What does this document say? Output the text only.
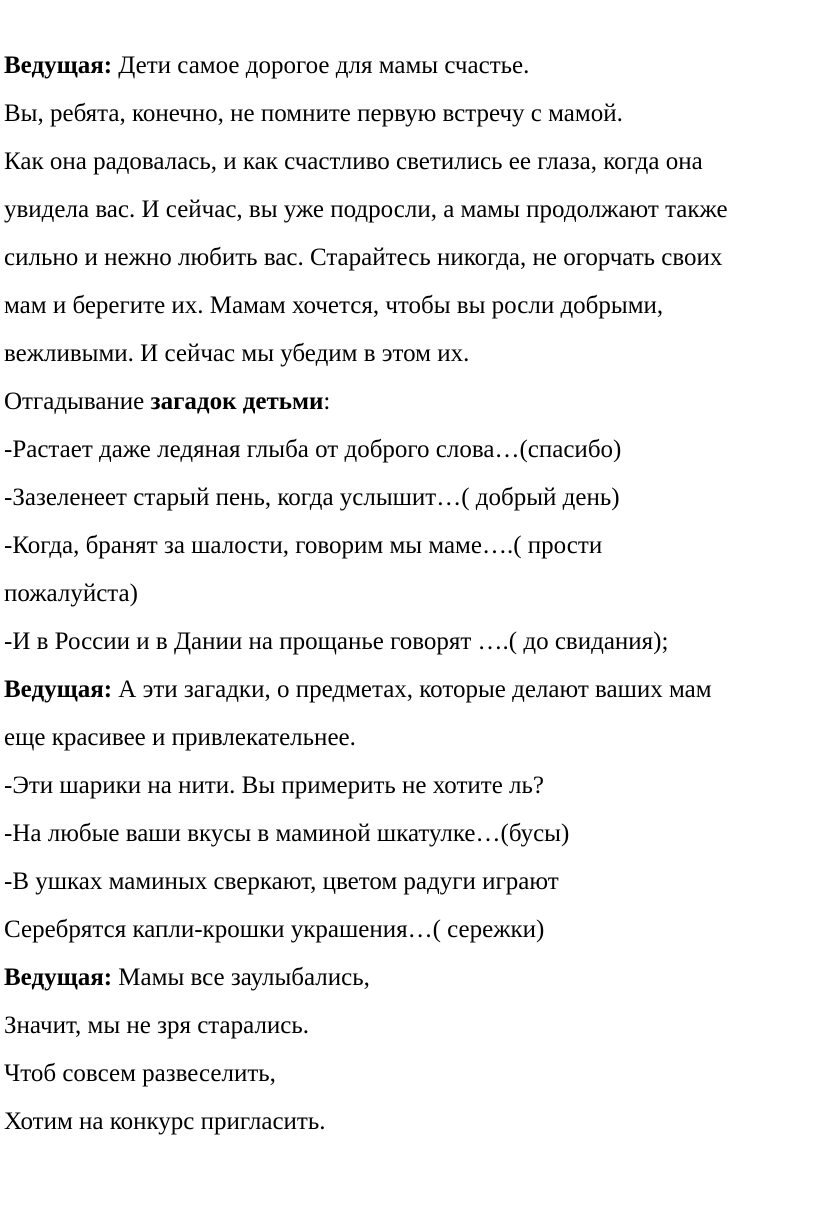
Ведущая: Дети самое дорогое для мамы счастье.
Вы, ребята, конечно, не помните первую встречу с мамой.
Как она радовалась, и как счастливо светились ее глаза, когда она
увидела вас. И сейчас, вы уже подросли, а мамы продолжают также
сильно и нежно любить вас. Старайтесь никогда, не огорчать своих
мам и берегите их. Мамам хочется, чтобы вы росли добрыми,
вежливыми. И сейчас мы убедим в этом их.
Отгадывание загадок детьми:
-Растает даже ледяная глыба от доброго слова…(спасибо)
-Зазеленеет старый пень, когда услышит…( добрый день)
-Когда, бранят за шалости, говорим мы маме….( прости
пожалуйста)
-И в России и в Дании на прощанье говорят ….( до свидания);
Ведущая: А эти загадки, о предметах, которые делают ваших мам
еще красивее и привлекательнее.
-Эти шарики на нити. Вы примерить не хотите ль?
-На любые ваши вкусы в маминой шкатулке…(бусы)
-В ушках маминых сверкают, цветом радуги играют
Серебрятся капли-крошки украшения…( сережки)
Ведущая: Мамы все заулыбались,
Значит, мы не зря старались.
Чтоб совсем развеселить,
Хотим на конкурс пригласить.
